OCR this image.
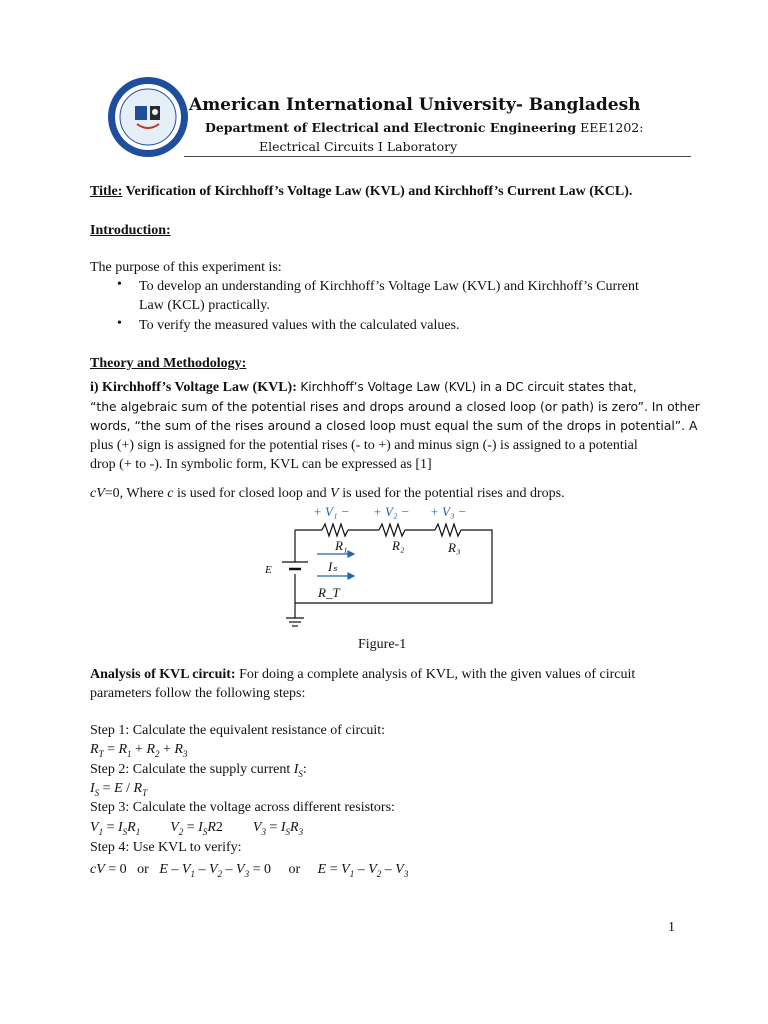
American International University- Bangladesh
Department of Electrical and Electronic Engineering EEE1202:
Electrical Circuits I Laboratory
Title: Verification of Kirchhoff’s Voltage Law (KVL) and Kirchhoff’s Current Law (KCL).
Introduction:
The purpose of this experiment is:
• To develop an understanding of Kirchhoff’s Voltage Law (KVL) and Kirchhoff’s Current
Law (KCL) practically.
• To verify the measured values with the calculated values.
Theory and Methodology:
i) Kirchhoff’s Voltage Law (KVL): Kirchhoff’s Voltage Law (KVL) in a DC circuit states that,
“the algebraic sum of the potential rises and drops around a closed loop (or path) is zero”. In other
words, “the sum of the rises around a closed loop must equal the sum of the drops in potential”. A
plus (+) sign is assigned for the potential rises (- to +) and minus sign (-) is assigned to a potential
drop (+ to -). In symbolic form, KVL can be expressed as [1]
cV=0, Where c is used for closed loop and V is used for the potential rises and drops.
+ V₁ − + V₂ − + V₃ −
R₁	R₂	R₃
E	Iₛ
R_T
Figure-1
Analysis of KVL circuit: For doing a complete analysis of KVL, with the given values of circuit
parameters follow the following steps:
Step 1: Calculate the equivalent resistance of circuit:
$R_T = R_1 + R_2 + R_3$
Step 2: Calculate the supply current $I_S$:
$I_S = E / R_T$
Step 3: Calculate the voltage across different resistors:
$V_1 = I_SR_1$ $V_2 = I_SR2$ $V_3 = I_SR_3$
Step 4: Use KVL to verify:
cV = 0   or $E - V_1 - V_2 - V_3 = 0$     or $E = V_1 - V_2 - V_3$
1
